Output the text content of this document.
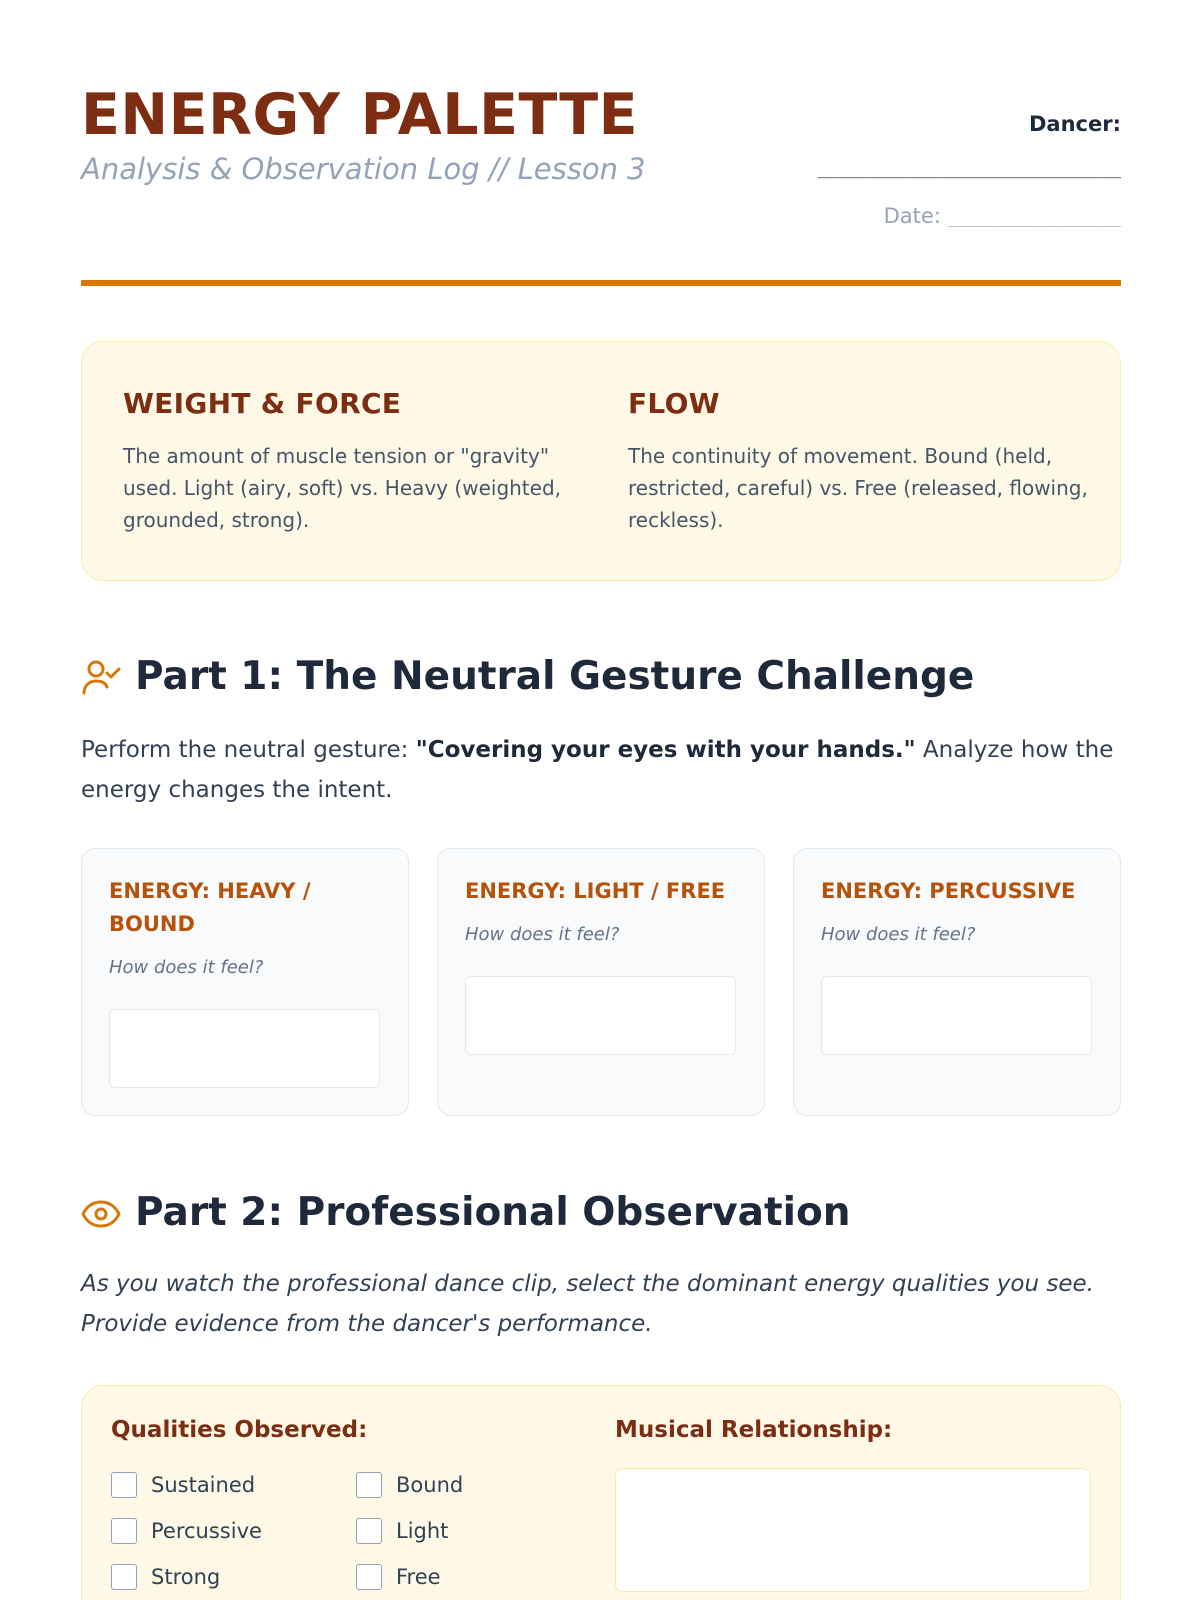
ENERGY PALETTE
Analysis & Observation Log // Lesson 3
Dancer:
____________________________
Date: __________________
WEIGHT & FORCE
The amount of muscle tension or "gravity" used. Light (airy, soft) vs. Heavy (weighted, grounded, strong).
FLOW
The continuity of movement. Bound (held, restricted, careful) vs. Free (released, flowing, reckless).
Part 1: The Neutral Gesture Challenge
Perform the neutral gesture: "Covering your eyes with your hands." Analyze how the energy changes the intent.
ENERGY: HEAVY / BOUND
How does it feel?
ENERGY: LIGHT / FREE
How does it feel?
ENERGY: PERCUSSIVE
How does it feel?
Part 2: Professional Observation
As you watch the professional dance clip, select the dominant energy qualities you see. Provide evidence from the dancer's performance.
Qualities Observed:
Sustained
Percussive
Strong
Bound
Light
Free
Musical Relationship:
